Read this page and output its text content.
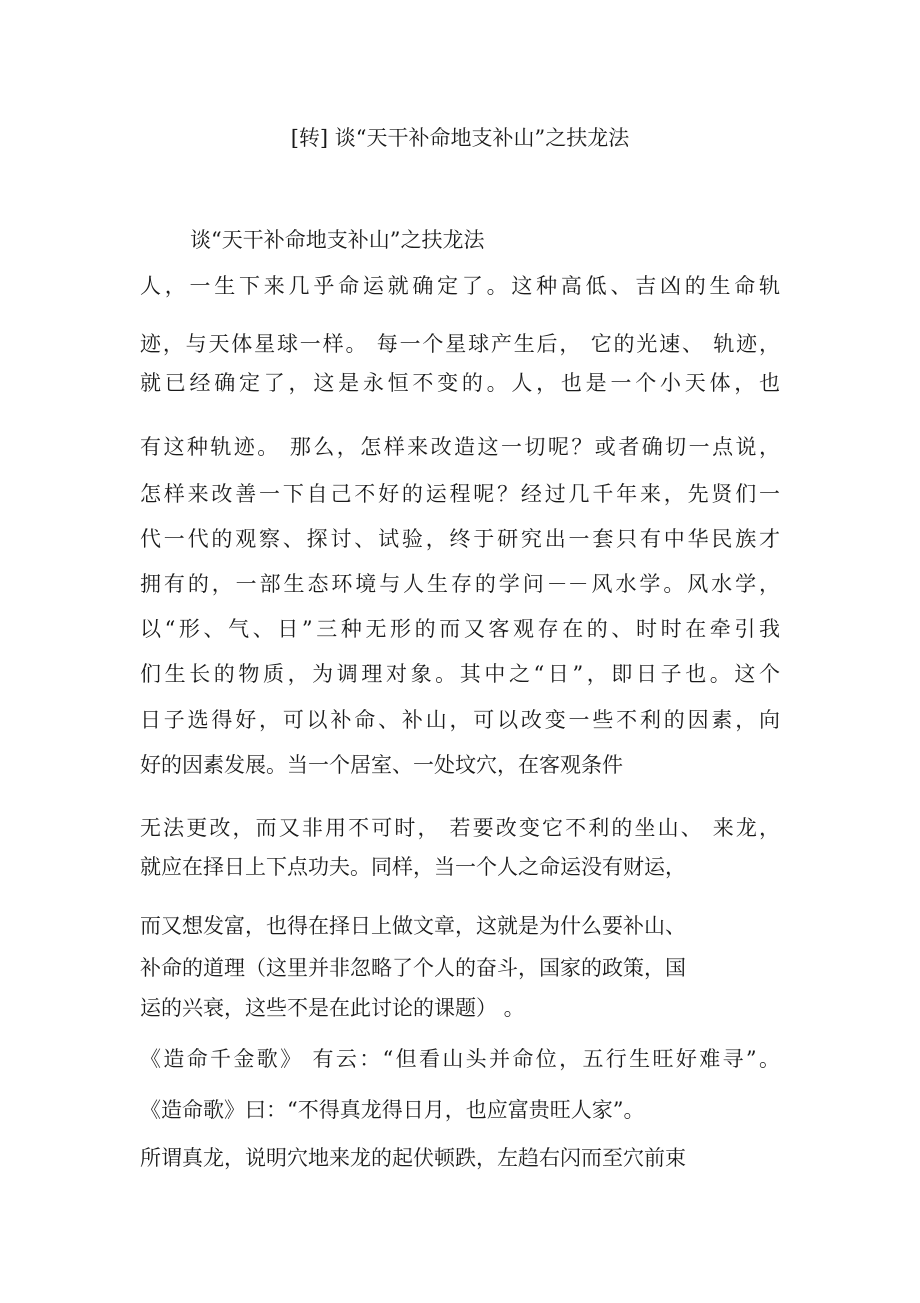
[转] 谈“天干补命地支补山”之扶龙法
谈“天干补命地支补山”之扶龙法
人，一生下来几乎命运就确定了。这种高低、吉凶的生命轨
迹，与天体星球一样。 每一个星球产生后， 它的光速、 轨迹，
就已经确定了，这是永恒不变的。人，也是一个小天体，也
有这种轨迹。 那么，怎样来改造这一切呢？或者确切一点说，
怎样来改善一下自己不好的运程呢？经过几千年来，先贤们一
代一代的观察、探讨、试验，终于研究出一套只有中华民族才
拥有的，一部生态环境与人生存的学问－－风水学。风水学，
以“形、气、日”三种无形的而又客观存在的、时时在牵引我
们生长的物质，为调理对象。其中之“日”，即日子也。这个
日子选得好，可以补命、补山，可以改变一些不利的因素，向
好的因素发展。当一个居室、一处坟穴，在客观条件
无法更改，而又非用不可时， 若要改变它不利的坐山、 来龙，
就应在择日上下点功夫。同样，当一个人之命运没有财运，
而又想发富，也得在择日上做文章，这就是为什么要补山、
补命的道理（这里并非忽略了个人的奋斗，国家的政策，国
运的兴衰，这些不是在此讨论的课题） 。
《造命千金歌》 有云：“但看山头并命位，五行生旺好难寻”。
《造命歌》曰：“不得真龙得日月，也应富贵旺人家”。
所谓真龙，说明穴地来龙的起伏顿跌，左趋右闪而至穴前束
